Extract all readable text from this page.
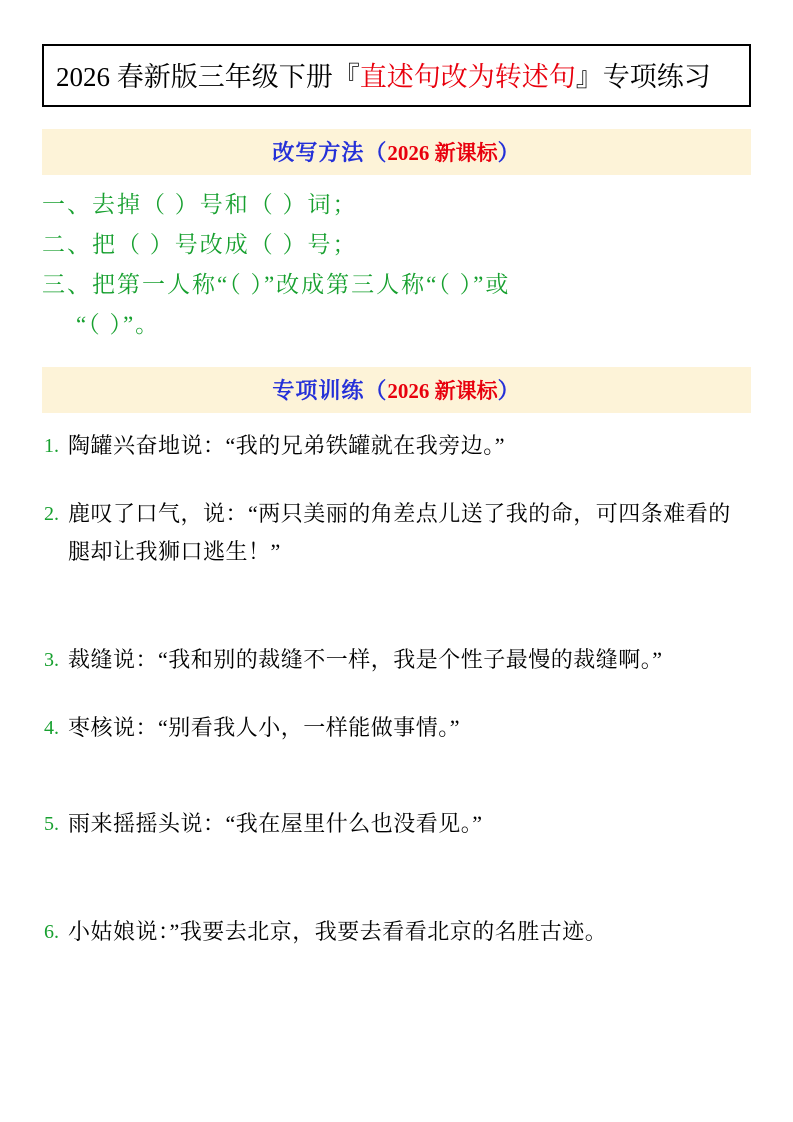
2026 春新版三年级下册『直述句改为转述句』专项练习
改写方法（2026 新课标）
一、去掉（ ）号和（ ）词；
二、把（ ）号改成（ ）号；
三、把第一人称“（ ）”改成第三人称“（ ）”或
“（ ）”。
专项训练（2026 新课标）
1. 陶罐兴奋地说：“我的兄弟铁罐就在我旁边。”
2. 鹿叹了口气，说：“两只美丽的角差点儿送了我的命，可四条难看的腿却让我狮口逃生！”
3. 裁缝说：“我和别的裁缝不一样，我是个性子最慢的裁缝啊。”
4. 枣核说：“别看我人小，一样能做事情。”
5. 雨来摇摇头说：“我在屋里什么也没看见。”
6. 小姑娘说：”我要去北京，我要去看看北京的名胜古迹。
